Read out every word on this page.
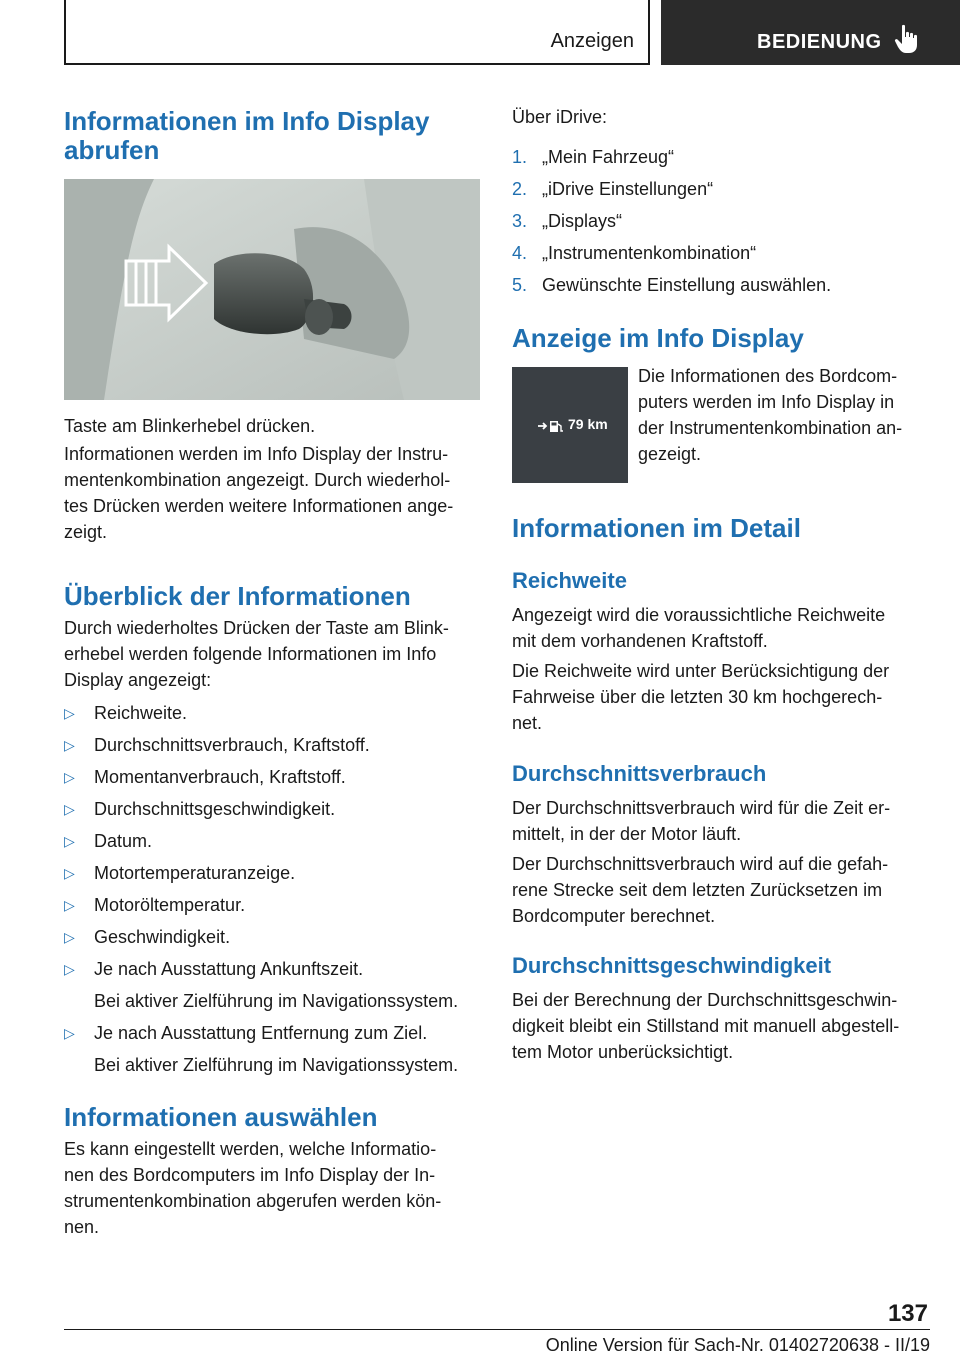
Anzeigen	BEDIENUNG
Informationen im Info Display
abrufen

Taste am Blinkerhebel drücken.

Informationen werden im Info Display der Instru-

mentenkombination angezeigt. Durch wiederhol-

tes Drücken werden weitere Informationen ange-

zeigt.

Überblick der Informationen

Durch wiederholtes Drücken der Taste am Blink-

erhebel werden folgende Informationen im Info

Display angezeigt:

▷	Reichweite.
▷	Durchschnittsverbrauch, Kraftstoff.
▷	Momentanverbrauch, Kraftstoff.
▷	Durchschnittsgeschwindigkeit.
▷	Datum.
▷	Motortemperaturanzeige.
▷	Motoröltemperatur.
▷	Geschwindigkeit.
▷	Je nach Ausstattung Ankunftszeit.

Bei aktiver Zielführung im Navigationssystem.

▷	Je nach Ausstattung Entfernung zum Ziel.

Bei aktiver Zielführung im Navigationssystem.

Informationen auswählen

Es kann eingestellt werden, welche Informatio-

nen des Bordcomputers im Info Display der In-

strumentenkombination abgerufen werden kön-

nen.

Über iDrive:

1. „Mein Fahrzeug“
2. „iDrive Einstellungen“
3. „Displays“
4. „Instrumentenkombination“
5. Gewünschte Einstellung auswählen.
Anzeige im Info Display
79 km

Die Informationen des Bordcom-

puters werden im Info Display in

der Instrumentenkombination an-

gezeigt.

Informationen im Detail
Reichweite

Angezeigt wird die voraussichtliche Reichweite

mit dem vorhandenen Kraftstoff.

Die Reichweite wird unter Berücksichtigung der

Fahrweise über die letzten 30 km hochgerech-

net.

Durchschnittsverbrauch

Der Durchschnittsverbrauch wird für die Zeit er-

mittelt, in der der Motor läuft.

Der Durchschnittsverbrauch wird auf die gefah-

rene Strecke seit dem letzten Zurücksetzen im

Bordcomputer berechnet.

Durchschnittsgeschwindigkeit

Bei der Berechnung der Durchschnittsgeschwin-

digkeit bleibt ein Stillstand mit manuell abgestell-

tem Motor unberücksichtigt.

137
Online Version für Sach-Nr. 01402720638 - II/19
